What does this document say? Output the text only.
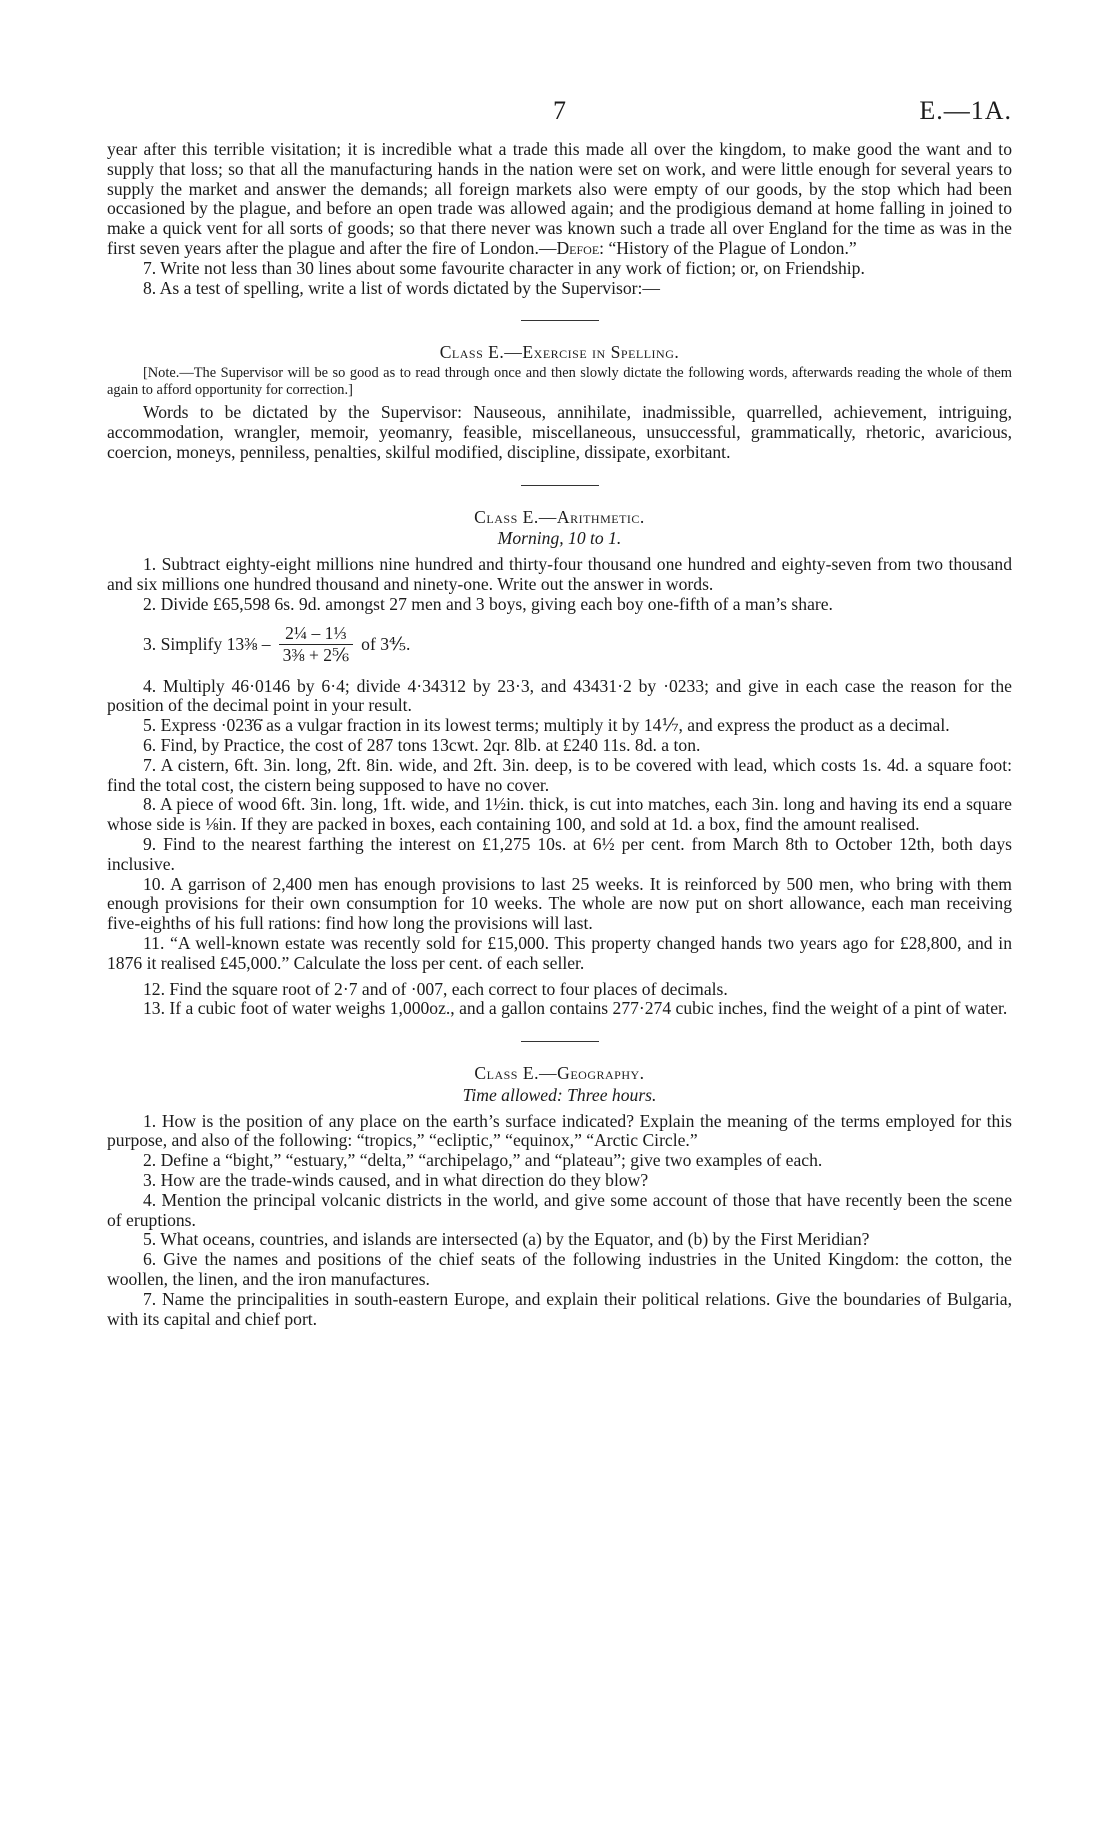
7	E.—1A.

year after this terrible visitation; it is incredible what a trade this made all over the kingdom, to make good the want and to supply that loss; so that all the manufacturing hands in the nation were set on work, and were little enough for several years to supply the market and answer the demands; all foreign markets also were empty of our goods, by the stop which had been occasioned by the plague, and before an open trade was allowed again; and the prodigious demand at home falling in joined to make a quick vent for all sorts of goods; so that there never was known such a trade all over England for the time as was in the first seven years after the plague and after the fire of London.—Defoe: “History of the Plague of London.”

7. Write not less than 30 lines about some favourite character in any work of fiction; or, on Friendship.

8. As a test of spelling, write a list of words dictated by the Supervisor:—

Class E.—Exercise in Spelling.

[Note.—The Supervisor will be so good as to read through once and then slowly dictate the following words, afterwards reading the whole of them again to afford opportunity for correction.]

Words to be dictated by the Supervisor: Nauseous, annihilate, inadmissible, quarrelled, achievement, intriguing, accommodation, wrangler, memoir, yeomanry, feasible, miscellaneous, unsuccessful, grammatically, rhetoric, avaricious, coercion, moneys, penniless, penalties, skilful modified, discipline, dissipate, exorbitant.

Class E.—Arithmetic.
Morning, 10 to 1.

1. Subtract eighty-eight millions nine hundred and thirty-four thousand one hundred and eighty-seven from two thousand and six millions one hundred thousand and ninety-one. Write out the answer in words.

2. Divide £65,598 6s. 9d. amongst 27 men and 3 boys, giving each boy one-fifth of a man’s share.

3. Simplify 13⅜ – $\frac{\text{2¼ – 1⅓}}{\text{3⅜ + 2⅚}}$ of 3⅘.

4. Multiply 46·0146 by 6·4; divide 4·34312 by 23·3, and 43431·2 by ·0233; and give in each case the reason for the position of the decimal point in your result.

5. Express ·023̇6̇ as a vulgar fraction in its lowest terms; multiply it by 14⅐, and express the product as a decimal.

6. Find, by Practice, the cost of 287 tons 13cwt. 2qr. 8lb. at £240 11s. 8d. a ton.

7. A cistern, 6ft. 3in. long, 2ft. 8in. wide, and 2ft. 3in. deep, is to be covered with lead, which costs 1s. 4d. a square foot: find the total cost, the cistern being supposed to have no cover.

8. A piece of wood 6ft. 3in. long, 1ft. wide, and 1½in. thick, is cut into matches, each 3in. long and having its end a square whose side is ⅛in. If they are packed in boxes, each containing 100, and sold at 1d. a box, find the amount realised.

9. Find to the nearest farthing the interest on £1,275 10s. at 6½ per cent. from March 8th to October 12th, both days inclusive.

10. A garrison of 2,400 men has enough provisions to last 25 weeks. It is reinforced by 500 men, who bring with them enough provisions for their own consumption for 10 weeks. The whole are now put on short allowance, each man receiving five-eighths of his full rations: find how long the provisions will last.

11. “A well-known estate was recently sold for £15,000. This property changed hands two years ago for £28,800, and in 1876 it realised £45,000.” Calculate the loss per cent. of each seller.

12. Find the square root of 2·7 and of ·007, each correct to four places of decimals.

13. If a cubic foot of water weighs 1,000oz., and a gallon contains 277·274 cubic inches, find the weight of a pint of water.

Class E.—Geography.
Time allowed: Three hours.

1. How is the position of any place on the earth’s surface indicated? Explain the meaning of the terms employed for this purpose, and also of the following: “tropics,” “ecliptic,” “equinox,” “Arctic Circle.”

2. Define a “bight,” “estuary,” “delta,” “archipelago,” and “plateau”; give two examples of each.

3. How are the trade-winds caused, and in what direction do they blow?

4. Mention the principal volcanic districts in the world, and give some account of those that have recently been the scene of eruptions.

5. What oceans, countries, and islands are intersected (a) by the Equator, and (b) by the First Meridian?

6. Give the names and positions of the chief seats of the following industries in the United Kingdom: the cotton, the woollen, the linen, and the iron manufactures.

7. Name the principalities in south-eastern Europe, and explain their political relations. Give the boundaries of Bulgaria, with its capital and chief port.
